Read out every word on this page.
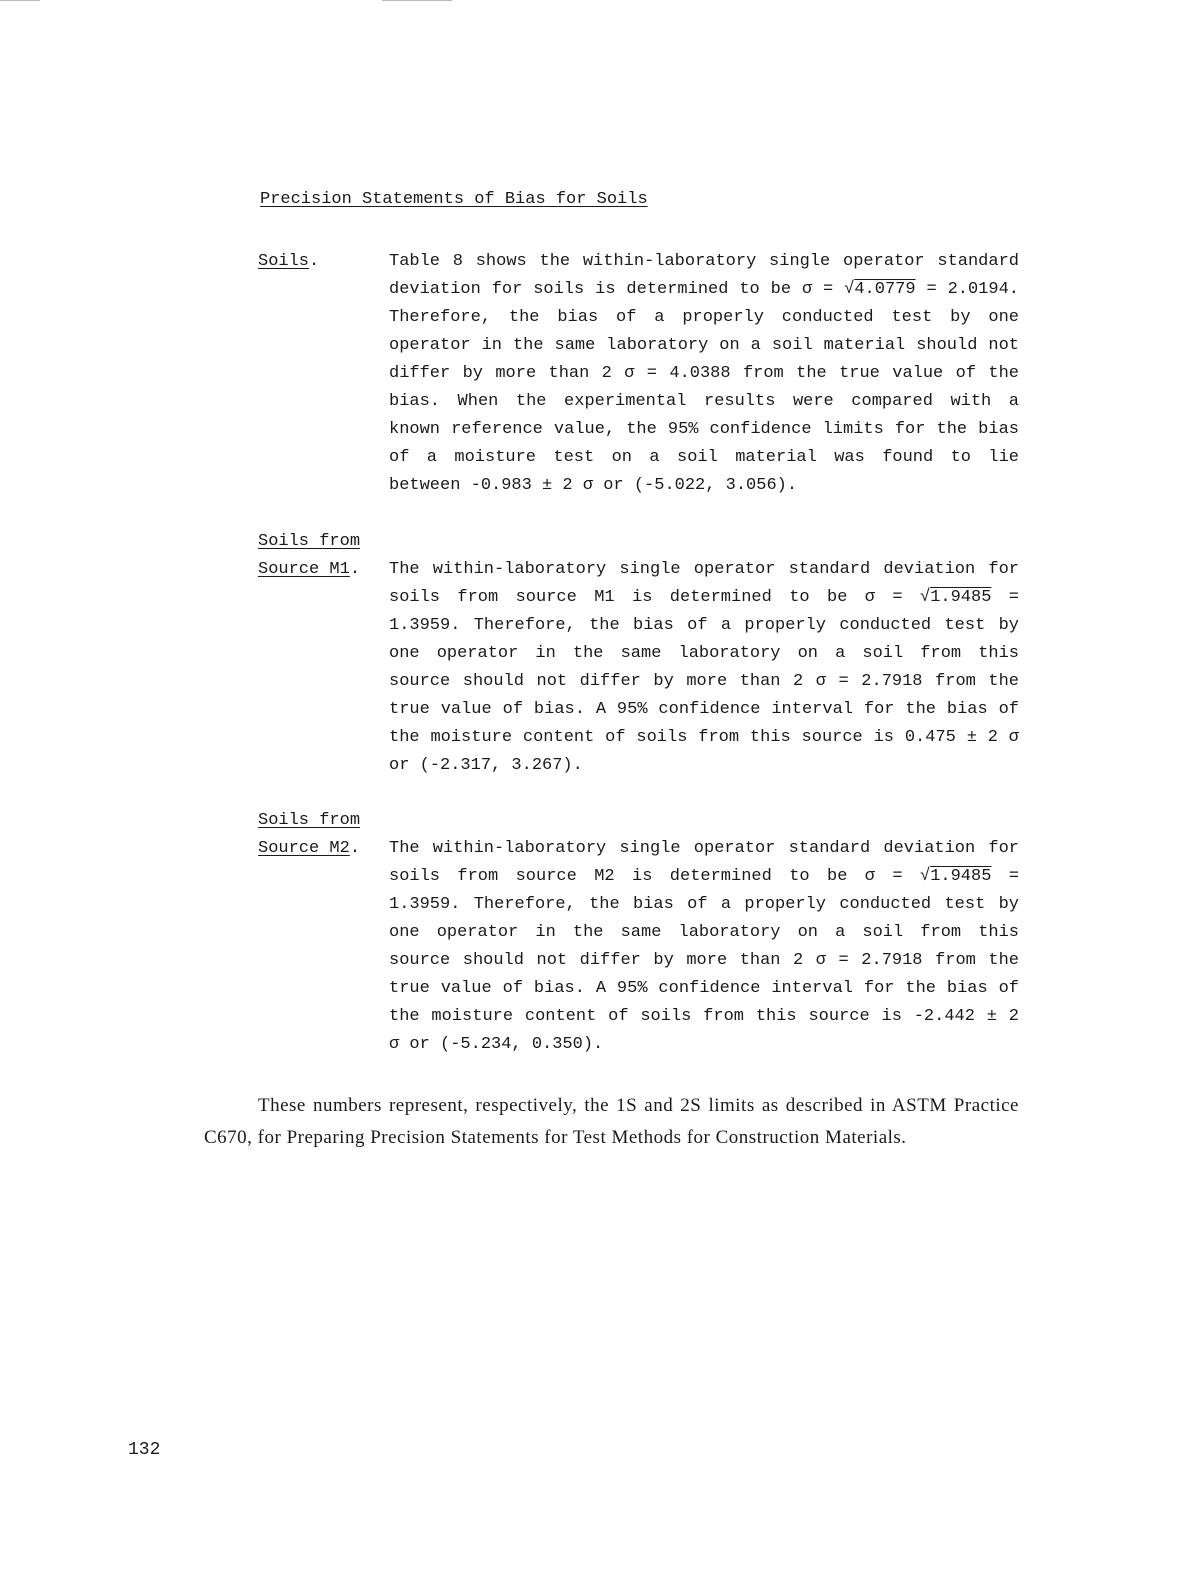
Precision Statements of Bias for Soils
Soils.	Table 8 shows the within-laboratory single operator standard deviation for soils is determined to be σ = √4.0779 = 2.0194. Therefore, the bias of a properly conducted test by one operator in the same laboratory on a soil material should not differ by more than 2 σ = 4.0388 from the true value of the bias. When the experimental results were compared with a known reference value, the 95% confidence limits for the bias of a moisture test on a soil material was found to lie between -0.983 ± 2 σ or (-5.022, 3.056).
Soils from
Source M1. The within-laboratory single operator standard deviation for soils from source M1 is determined to be σ = √1.9485 = 1.3959. Therefore, the bias of a properly conducted test by one operator in the same laboratory on a soil from this source should not differ by more than 2 σ = 2.7918 from the true value of bias. A 95% confidence interval for the bias of the moisture content of soils from this source is 0.475 ± 2 σ or (-2.317, 3.267).
Soils from
Source M2. The within-laboratory single operator standard deviation for soils from source M2 is determined to be σ = √1.9485 = 1.3959. Therefore, the bias of a properly conducted test by one operator in the same laboratory on a soil from this source should not differ by more than 2 σ = 2.7918 from the true value of bias. A 95% confidence interval for the bias of the moisture content of soils from this source is -2.442 ± 2 σ or (-5.234, 0.350).
These numbers represent, respectively, the 1S and 2S limits as described in ASTM Practice C670, for Preparing Precision Statements for Test Methods for Construction Materials.
132
